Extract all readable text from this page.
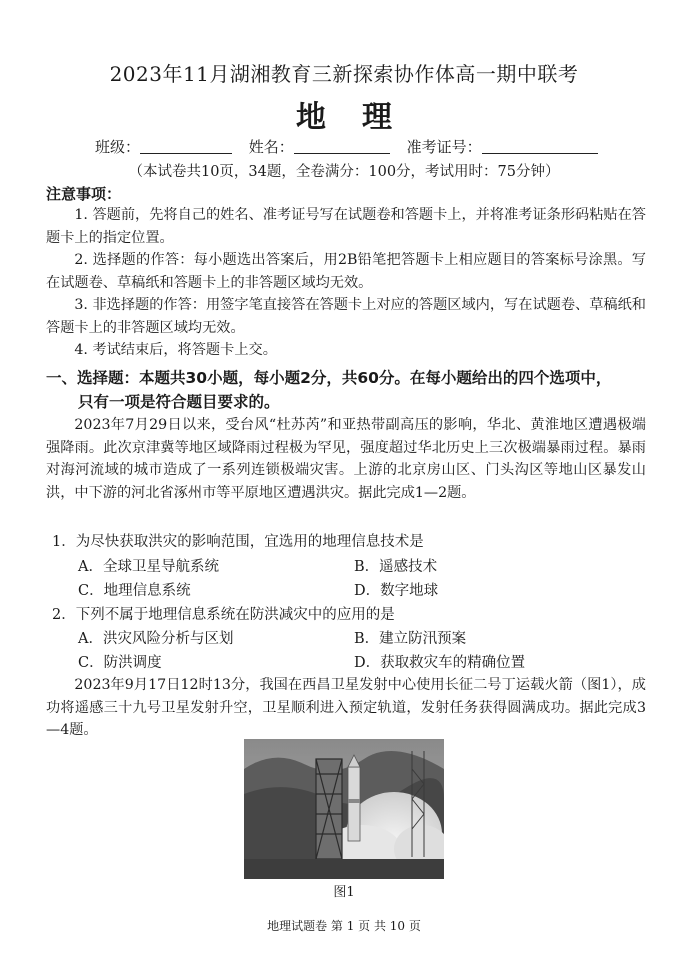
2023年11月湖湘教育三新探索协作体高一期中联考
地理
班级：	姓名：	准考证号：
（本试卷共10页，34题，全卷满分：100分，考试用时：75分钟）
注意事项：
1. 答题前，先将自己的姓名、准考证号写在试题卷和答题卡上，并将准考证条形码粘贴在答题卡上的指定位置。
2. 选择题的作答：每小题选出答案后，用2B铅笔把答题卡上相应题目的答案标号涂黑。写在试题卷、草稿纸和答题卡上的非答题区域均无效。
3. 非选择题的作答：用签字笔直接答在答题卡上对应的答题区域内，写在试题卷、草稿纸和答题卡上的非答题区域均无效。
4. 考试结束后，将答题卡上交。
一、选择题：本题共30小题，每小题2分，共60分。在每小题给出的四个选项中，
只有一项是符合题目要求的。
2023年7月29日以来，受台风“杜苏芮”和亚热带副高压的影响，华北、黄淮地区遭遇极端强降雨。此次京津冀等地区域降雨过程极为罕见，强度超过华北历史上三次极端暴雨过程。暴雨对海河流域的城市造成了一系列连锁极端灾害。上游的北京房山区、门头沟区等地山区暴发山洪，中下游的河北省涿州市等平原地区遭遇洪灾。据此完成1—2题。
1．为尽快获取洪灾的影响范围，宜选用的地理信息技术是
A．全球卫星导航系统	B．遥感技术
C．地理信息系统	D．数字地球
2．下列不属于地理信息系统在防洪减灾中的应用的是
A．洪灾风险分析与区划	B．建立防汛预案
C．防洪调度	D．获取救灾车的精确位置
2023年9月17日12时13分，我国在西昌卫星发射中心使用长征二号丁运载火箭（图1），成功将遥感三十九号卫星发射升空，卫星顺利进入预定轨道，发射任务获得圆满成功。据此完成3—4题。
图1
地理试题卷 第 1 页 共 10 页
